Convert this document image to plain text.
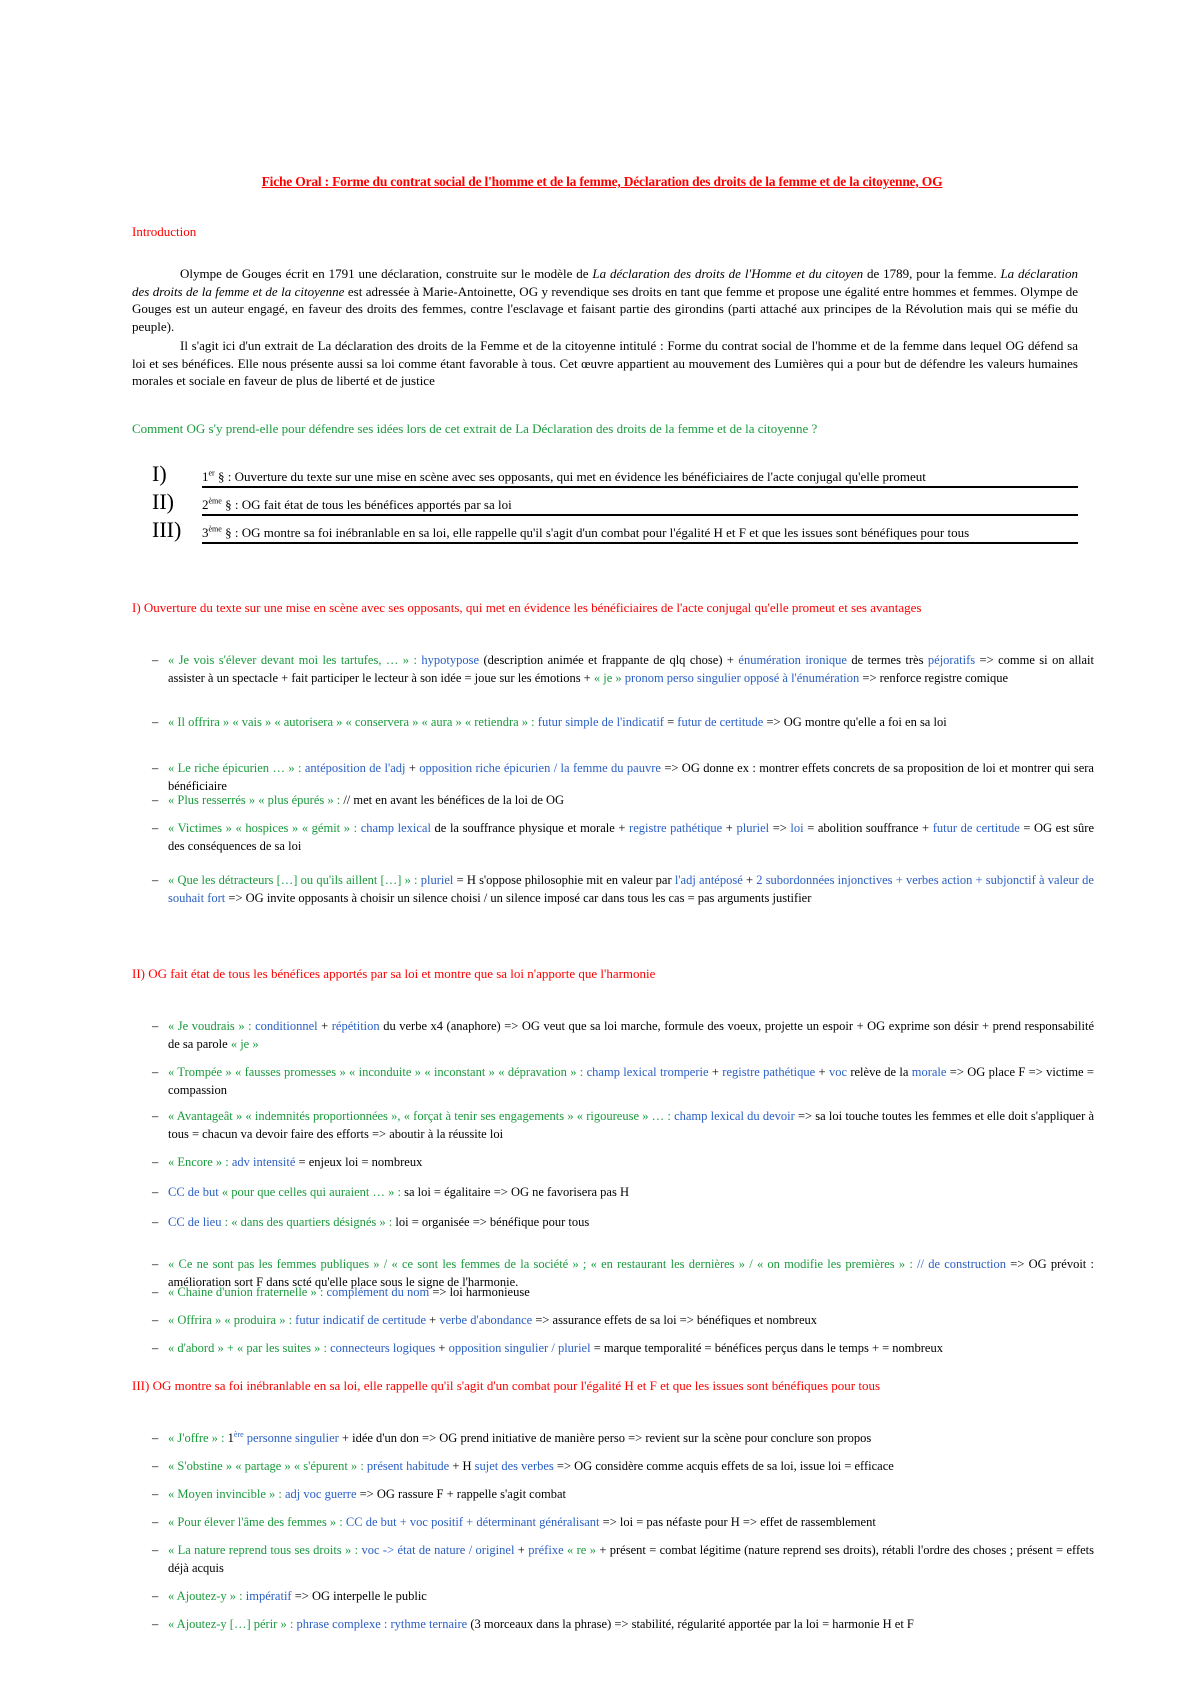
Fiche Oral : Forme du contrat social de l'homme et de la femme, Déclaration des droits de la femme et de la citoyenne, OG
Introduction
Olympe de Gouges écrit en 1791 une déclaration, construite sur le modèle de La déclaration des droits de l'Homme et du citoyen de 1789, pour la femme. La déclaration des droits de la femme et de la citoyenne est adressée à Marie-Antoinette, OG y revendique ses droits en tant que femme et propose une égalité entre hommes et femmes. Olympe de Gouges est un auteur engagé, en faveur des droits des femmes, contre l'esclavage et faisant partie des girondins (parti attaché aux principes de la Révolution mais qui se méfie du peuple).
Il s'agit ici d'un extrait de La déclaration des droits de la Femme et de la citoyenne intitulé : Forme du contrat social de l'homme et de la femme dans lequel OG défend sa loi et ses bénéfices. Elle nous présente aussi sa loi comme étant favorable à tous. Cet œuvre appartient au mouvement des Lumières qui a pour but de défendre les valeurs humaines morales et sociale en faveur de plus de liberté et de justice
Comment OG s'y prend-elle pour défendre ses idées lors de cet extrait de La Déclaration des droits de la femme et de la citoyenne ?
I)	1er § : Ouverture du texte sur une mise en scène avec ses opposants, qui met en évidence les bénéficiaires de l'acte conjugal qu'elle promeut
II) 2ème § : OG fait état de tous les bénéfices apportés par sa loi
III) 3ème § : OG montre sa foi inébranlable en sa loi, elle rappelle qu'il s'agit d'un combat pour l'égalité H et F et que les issues sont bénéfiques pour tous
I) Ouverture du texte sur une mise en scène avec ses opposants, qui met en évidence les bénéficiaires de l'acte conjugal qu'elle promeut et ses avantages
– « Je vois s'élever devant moi les tartufes, … » : hypotypose (description animée et frappante de qlq chose) + énumération ironique de termes très péjoratifs => comme si on allait assister à un spectacle + fait participer le lecteur à son idée = joue sur les émotions + « je » pronom perso singulier opposé à l'énumération => renforce registre comique
– « Il offrira » « vais » « autorisera » « conservera » « aura » « retiendra » : futur simple de l'indicatif = futur de certitude => OG montre qu'elle a foi en sa loi
– « Le riche épicurien … » : antéposition de l'adj + opposition riche épicurien / la femme du pauvre => OG donne ex : montrer effets concrets de sa proposition de loi et montrer qui sera bénéficiaire
– « Plus resserrés » « plus épurés » : // met en avant les bénéfices de la loi de OG
– « Victimes » « hospices » « gémit » : champ lexical de la souffrance physique et morale + registre pathétique + pluriel => loi = abolition souffrance + futur de certitude = OG est sûre des conséquences de sa loi
– « Que les détracteurs […] ou qu'ils aillent […] » : pluriel = H s'oppose philosophie mit en valeur par l'adj antéposé + 2 subordonnées injonctives + verbes action + subjonctif à valeur de souhait fort => OG invite opposants à choisir un silence choisi / un silence imposé car dans tous les cas = pas arguments justifier
II) OG fait état de tous les bénéfices apportés par sa loi et montre que sa loi n'apporte que l'harmonie
– « Je voudrais » : conditionnel + répétition du verbe x4 (anaphore) => OG veut que sa loi marche, formule des voeux, projette un espoir + OG exprime son désir + prend responsabilité de sa parole « je »
– « Trompée » « fausses promesses » « inconduite » « inconstant » « dépravation » : champ lexical tromperie + registre pathétique + voc relève de la morale => OG place F => victime = compassion
– « Avantageât » « indemnités proportionnées », « forçat à tenir ses engagements » « rigoureuse » … : champ lexical du devoir => sa loi touche toutes les femmes et elle doit s'appliquer à tous = chacun va devoir faire des efforts => aboutir à la réussite loi
– « Encore » : adv intensité = enjeux loi = nombreux
– CC de but « pour que celles qui auraient … » : sa loi = égalitaire => OG ne favorisera pas H
– CC de lieu : « dans des quartiers désignés » : loi = organisée => bénéfique pour tous
– « Ce ne sont pas les femmes publiques » / « ce sont les femmes de la société » ; « en restaurant les dernières » / « on modifie les premières » : // de construction => OG prévoit : amélioration sort F dans scté qu'elle place sous le signe de l'harmonie.
– « Chaine d'union fraternelle » : complément du nom => loi harmonieuse
– « Offrira » « produira » : futur indicatif de certitude + verbe d'abondance => assurance effets de sa loi => bénéfiques et nombreux
– « d'abord » + « par les suites » : connecteurs logiques + opposition singulier / pluriel = marque temporalité = bénéfices perçus dans le temps + = nombreux
III) OG montre sa foi inébranlable en sa loi, elle rappelle qu'il s'agit d'un combat pour l'égalité H et F et que les issues sont bénéfiques pour tous
– « J'offre » : 1ère personne singulier + idée d'un don => OG prend initiative de manière perso => revient sur la scène pour conclure son propos
– « S'obstine » « partage » « s'épurent » : présent habitude + H sujet des verbes => OG considère comme acquis effets de sa loi, issue loi = efficace
– « Moyen invincible » : adj voc guerre => OG rassure F + rappelle s'agit combat
– « Pour élever l'âme des femmes » : CC de but + voc positif + déterminant généralisant => loi = pas néfaste pour H => effet de rassemblement
– « La nature reprend tous ses droits » : voc -> état de nature / originel + préfixe « re » + présent = combat légitime (nature reprend ses droits), rétabli l'ordre des choses ; présent = effets déjà acquis
– « Ajoutez-y » : impératif => OG interpelle le public
– « Ajoutez-y […] périr » : phrase complexe : rythme ternaire (3 morceaux dans la phrase) => stabilité, régularité apportée par la loi = harmonie H et F
